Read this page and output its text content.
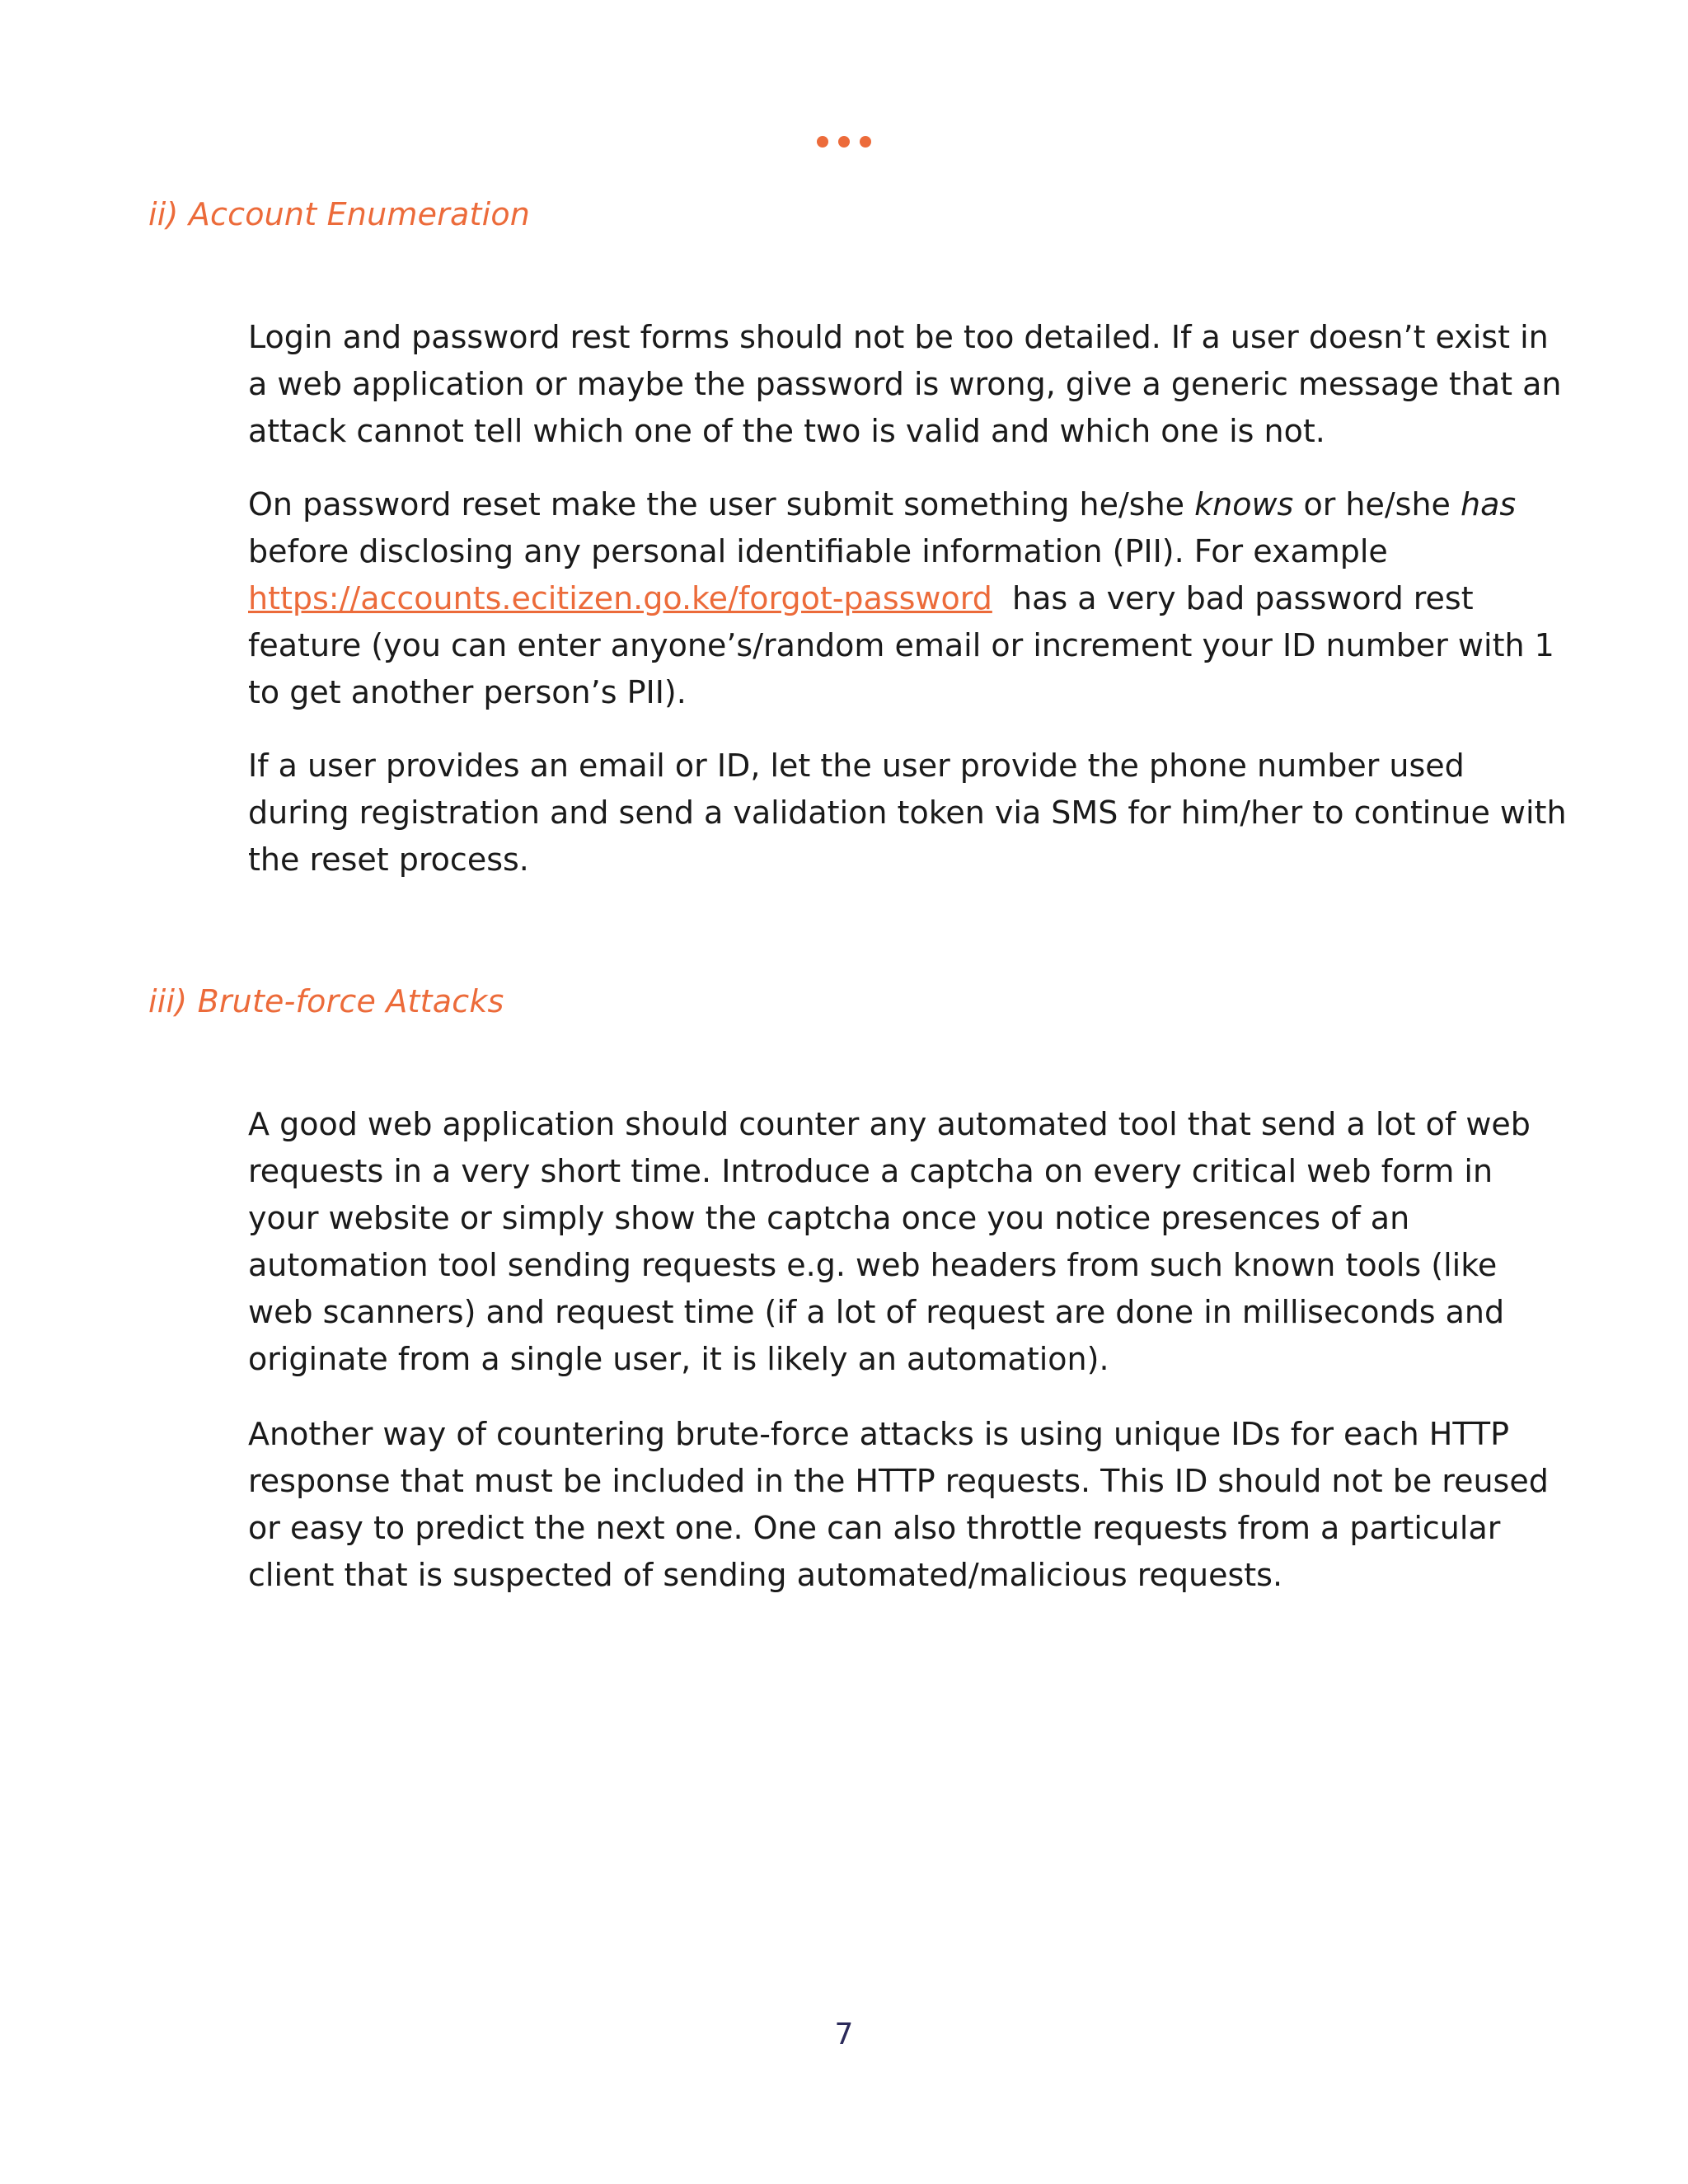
ii) Account Enumeration

Login and password rest forms should not be too detailed. If a user doesn’t exist in a web application or maybe the password is wrong, give a generic message that an attack cannot tell which one of the two is valid and which one is not.

On password reset make the user submit something he/she knows or he/she has before disclosing any personal identifiable information (PII). For example
https://accounts.ecitizen.go.ke/forgot-password  has a very bad password rest feature (you can enter anyone’s/random email or increment your ID number with 1 to get another person’s PII).

If a user provides an email or ID, let the user provide the phone number used during registration and send a validation token via SMS for him/her to continue with the reset process.

iii) Brute-force Attacks

A good web application should counter any automated tool that send a lot of web requests in a very short time. Introduce a captcha on every critical web form in your website or simply show the captcha once you notice presences of an automation tool sending requests e.g. web headers from such known tools (like web scanners) and request time (if a lot of request are done in milliseconds and originate from a single user, it is likely an automation).

Another way of countering brute-force attacks is using unique IDs for each HTTP response that must be included in the HTTP requests. This ID should not be reused or easy to predict the next one. One can also throttle requests from a particular client that is suspected of sending automated/malicious requests.

7
